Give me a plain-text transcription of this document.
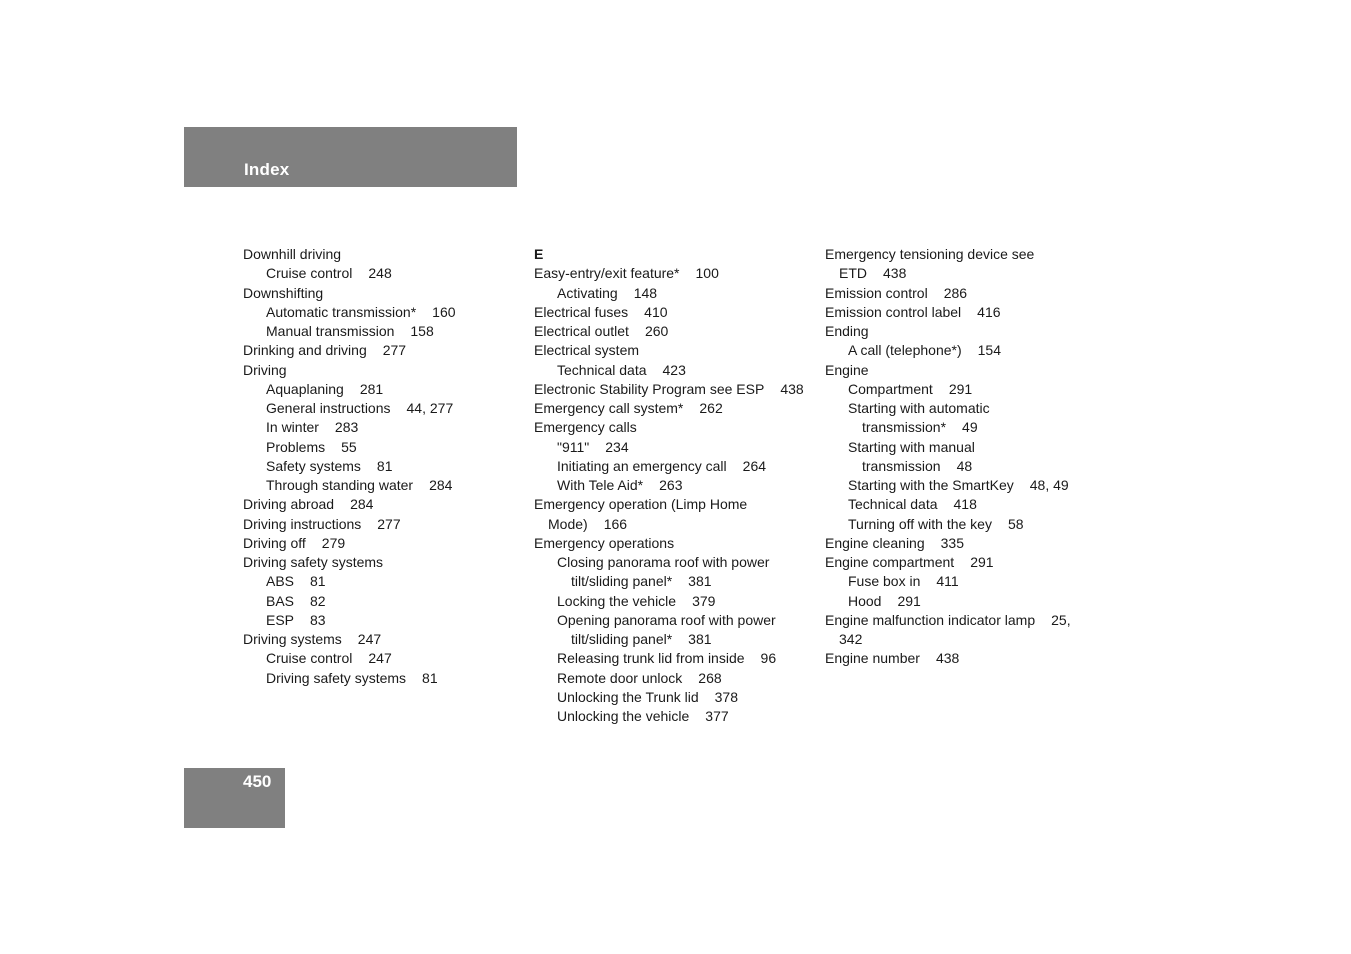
Index
Downhill driving
Cruise control 248
Downshifting
Automatic transmission* 160
Manual transmission 158
Drinking and driving 277
Driving
Aquaplaning 281
General instructions 44, 277
In winter 283
Problems 55
Safety systems 81
Through standing water 284
Driving abroad 284
Driving instructions 277
Driving off 279
Driving safety systems
ABS 81
BAS 82
ESP 83
Driving systems 247
Cruise control 247
Driving safety systems 81
E
Easy-entry/exit feature* 100
Activating 148
Electrical fuses 410
Electrical outlet 260
Electrical system
Technical data 423
Electronic Stability Program see ESP 438
Emergency call system* 262
Emergency calls
"911" 234
Initiating an emergency call 264
With Tele Aid* 263
Emergency operation (Limp Home
Mode) 166
Emergency operations
Closing panorama roof with power
tilt/sliding panel* 381
Locking the vehicle 379
Opening panorama roof with power
tilt/sliding panel* 381
Releasing trunk lid from inside 96
Remote door unlock 268
Unlocking the Trunk lid 378
Unlocking the vehicle 377
Emergency tensioning device see
ETD 438
Emission control 286
Emission control label 416
Ending
A call (telephone*) 154
Engine
Compartment 291
Starting with automatic
transmission* 49
Starting with manual
transmission 48
Starting with the SmartKey 48, 49
Technical data 418
Turning off with the key 58
Engine cleaning 335
Engine compartment 291
Fuse box in 411
Hood 291
Engine malfunction indicator lamp 25,
342
Engine number 438
450
